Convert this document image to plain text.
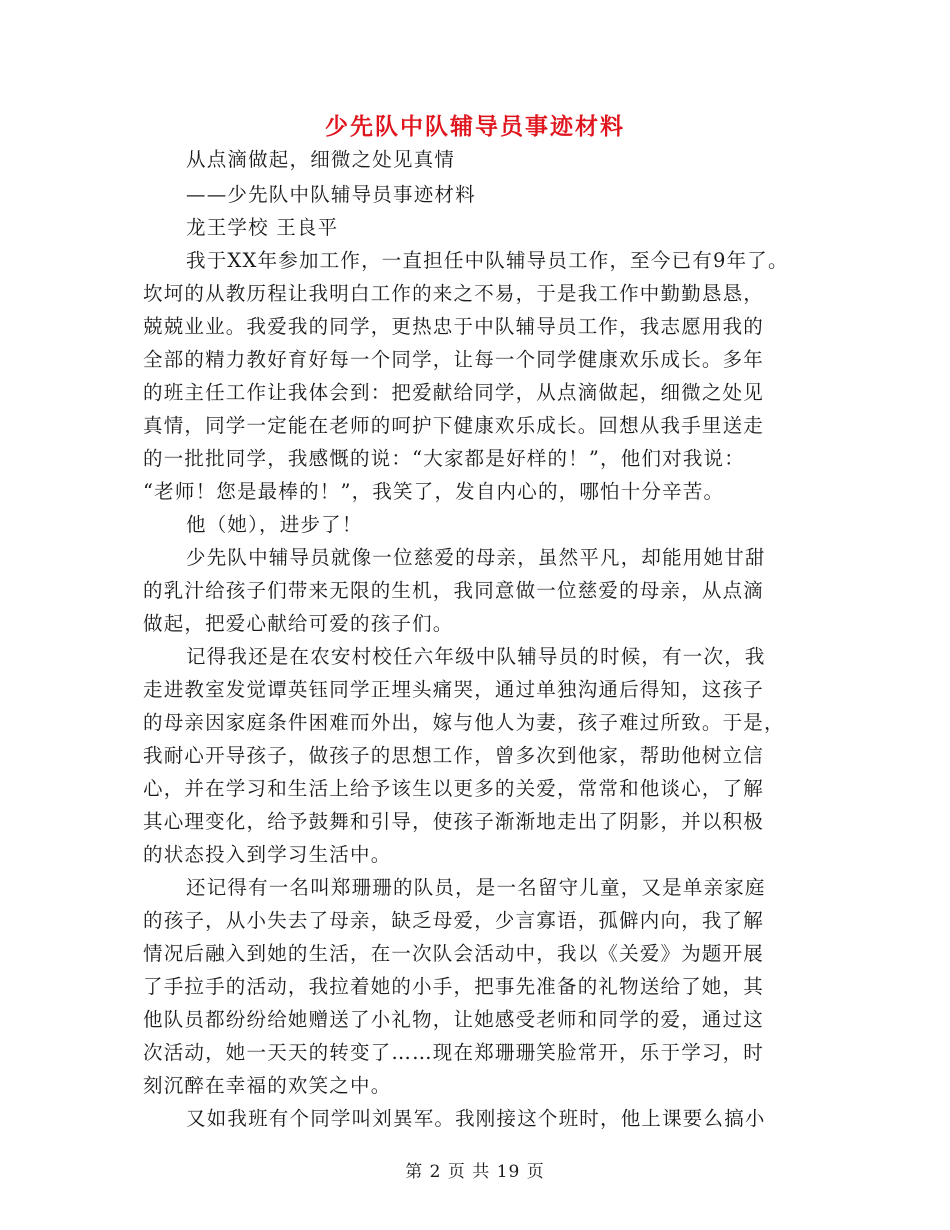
少先队中队辅导员事迹材料
从点滴做起，细微之处见真情
——少先队中队辅导员事迹材料
龙王学校 王良平
我于XX年参加工作，一直担任中队辅导员工作，至今已有9年了。
坎坷的从教历程让我明白工作的来之不易，于是我工作中勤勤恳恳，
兢兢业业。我爱我的同学，更热忠于中队辅导员工作，我志愿用我的
全部的精力教好育好每一个同学，让每一个同学健康欢乐成长。多年
的班主任工作让我体会到：把爱献给同学，从点滴做起，细微之处见
真情，同学一定能在老师的呵护下健康欢乐成长。回想从我手里送走
的一批批同学，我感慨的说：“大家都是好样的！”，他们对我说：
“老师！您是最棒的！”，我笑了，发自内心的，哪怕十分辛苦。
他（她），进步了！
少先队中辅导员就像一位慈爱的母亲，虽然平凡，却能用她甘甜
的乳汁给孩子们带来无限的生机，我同意做一位慈爱的母亲，从点滴
做起，把爱心献给可爱的孩子们。
记得我还是在农安村校任六年级中队辅导员的时候，有一次，我
走进教室发觉谭英钰同学正埋头痛哭，通过单独沟通后得知，这孩子
的母亲因家庭条件困难而外出，嫁与他人为妻，孩子难过所致。于是，
我耐心开导孩子，做孩子的思想工作，曾多次到他家，帮助他树立信
心，并在学习和生活上给予该生以更多的关爱，常常和他谈心，了解
其心理变化，给予鼓舞和引导，使孩子渐渐地走出了阴影，并以积极
的状态投入到学习生活中。
还记得有一名叫郑珊珊的队员，是一名留守儿童，又是单亲家庭
的孩子，从小失去了母亲，缺乏母爱，少言寡语，孤僻内向，我了解
情况后融入到她的生活，在一次队会活动中，我以《关爱》为题开展
了手拉手的活动，我拉着她的小手，把事先准备的礼物送给了她，其
他队员都纷纷给她赠送了小礼物，让她感受老师和同学的爱，通过这
次活动，她一天天的转变了……现在郑珊珊笑脸常开，乐于学习，时
刻沉醉在幸福的欢笑之中。
又如我班有个同学叫刘異军。我刚接这个班时，他上课要么搞小
第 2 页 共 19 页
